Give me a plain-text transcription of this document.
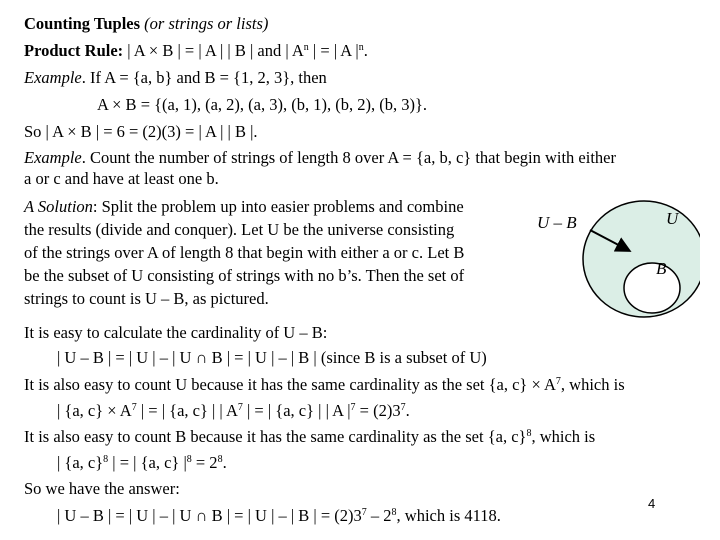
Counting Tuples (or strings or lists)
Product Rule: | A × B | = | A | | B | and | $A^n$ | = | A $|^n$.
Example. If A = {a, b} and B = {1, 2, 3}, then
A × B = {(a, 1), (a, 2), (a, 3), (b, 1), (b, 2), (b, 3)}.
So | A × B | = 6 = (2)(3) = | A | | B |.
Example. Count the number of strings of length 8 over A = {a, b, c} that begin with either
a or c and have at least one b.
A Solution: Split the problem up into easier problems and combine
the results (divide and conquer). Let U be the universe consisting
of the strings over A of length 8 that begin with either a or c. Let B
be the subset of U consisting of strings with no b’s. Then the set of
strings to count is U – B, as pictured.
U – B	U
B
It is easy to calculate the cardinality of U – B:
| U – B | = | U | – | U ∩ B | = | U | – | B | (since B is a subset of U)
It is also easy to count U because it has the same cardinality as the set {a, $c\} \times A^7$, which is
| {a, $c\} \times A^7$ | = | {a, c} | | $A^7$ | = | {a, c} | | A $|^7 = (2)3^7$.
It is also easy to count B because it has the same cardinality as the set {a, c}$^8$, which is
| {a, c}$^8$ | = | {a, c} $|^8 = 2^8$.
So we have the answer:
| U – B | = | U | – | U ∩ B | = | U | – | B | = $(2)3^7 - 2^8$, which is 4118.
4
